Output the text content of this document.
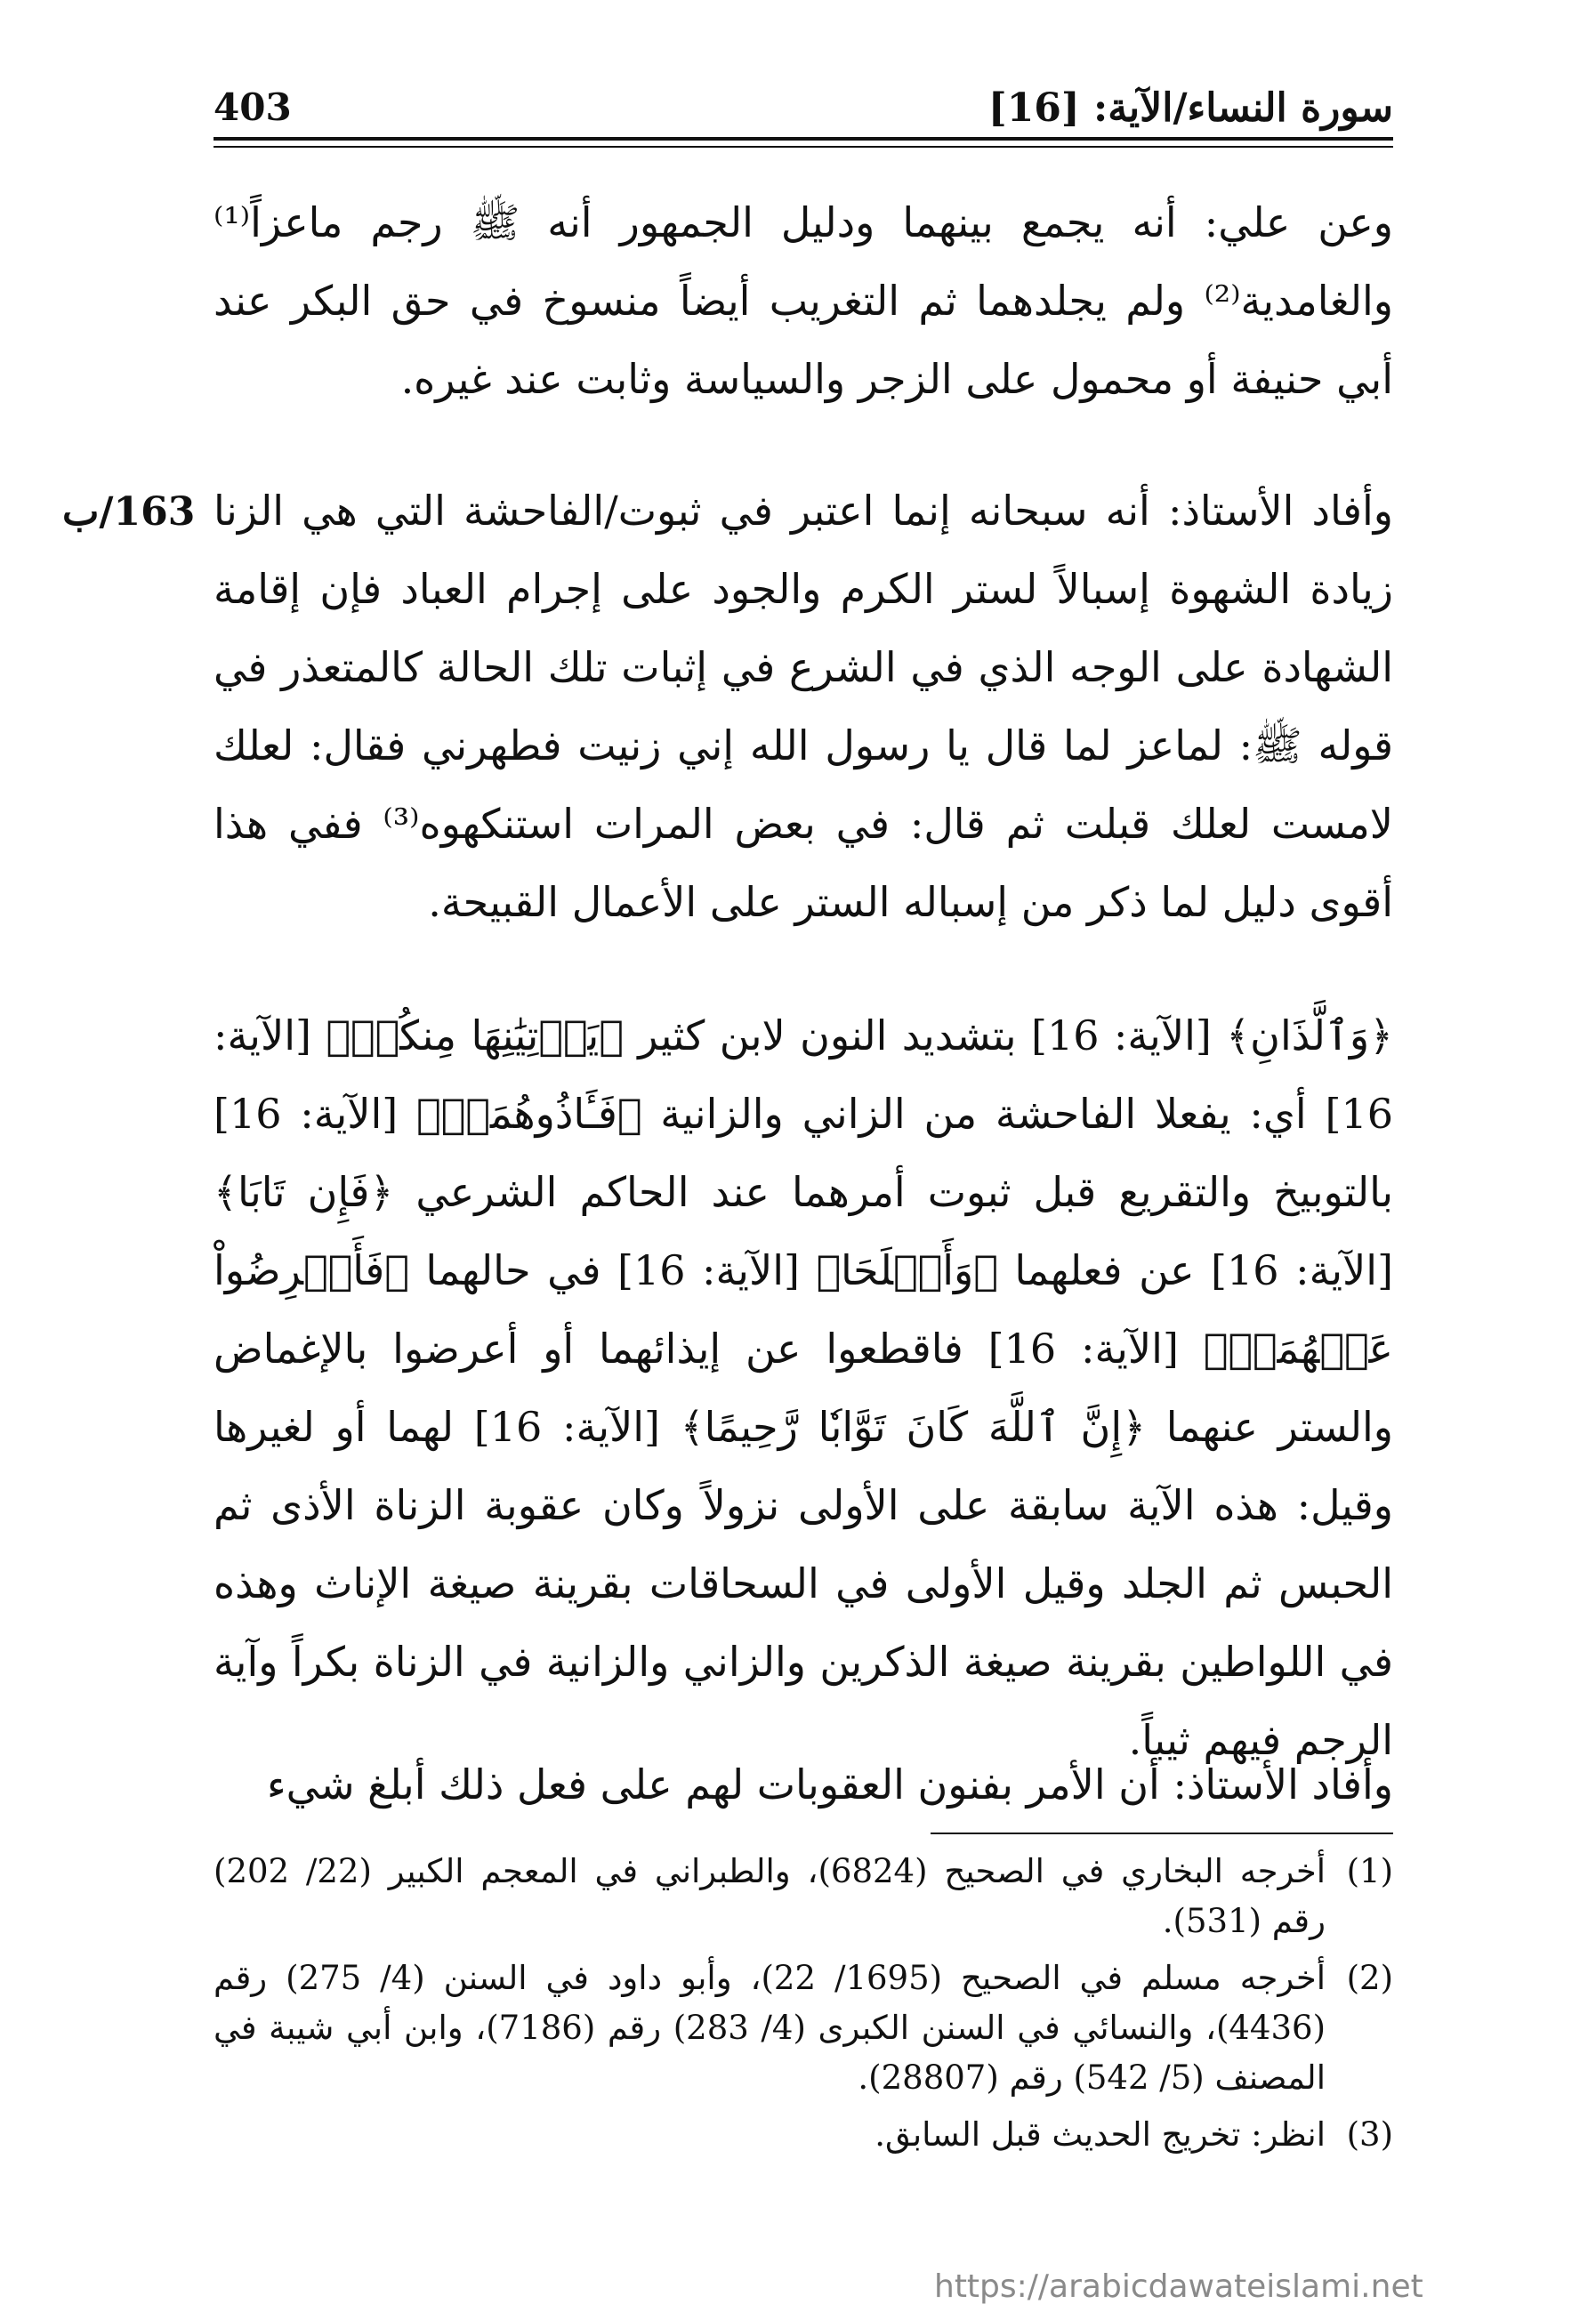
سورة النساء/الآية: [16]
403

وعن علي: أنه يجمع بينهما ودليل الجمهور أنه ﷺ رجم ماعزاً⁽¹⁾ والغامدية⁽²⁾ ولم يجلدهما ثم التغريب أيضاً منسوخ في حق البكر عند أبي حنيفة أو محمول على الزجر والسياسة وثابت عند غيره.

وأفاد الأستاذ: أنه سبحانه إنما اعتبر في ثبوت/الفاحشة التي هي الزنا زيادة الشهوة إسبالاً لستر الكرم والجود على إجرام العباد فإن إقامة الشهادة على الوجه الذي في الشرع في إثبات تلك الحالة كالمتعذر في قوله ﷺ: لماعز لما قال يا رسول الله إني زنيت فطهرني فقال: لعلك لامست لعلك قبلت ثم قال: في بعض المرات استنكهوه⁽³⁾ ففي هذا أقوى دليل لما ذكر من إسباله الستر على الأعمال القبيحة.

163/ب

﴿وَٱلَّذَانِ﴾ [الآية: 16] بتشديد النون لابن كثير ﴿يَأۡتِيَٰنِهَا مِنكُمۡ﴾ [الآية: 16] أي: يفعلا الفاحشة من الزاني والزانية ﴿فَـَٔاذُوهُمَاۖ﴾ [الآية: 16] بالتوبيخ والتقريع قبل ثبوت أمرهما عند الحاكم الشرعي ﴿فَإِن تَابَا﴾ [الآية: 16] عن فعلهما ﴿وَأَصۡلَحَا﴾ [الآية: 16] في حالهما ﴿فَأَعۡرِضُواْ عَنۡهُمَآۗ﴾ [الآية: 16] فاقطعوا عن إيذائهما أو أعرضوا بالإغماض والستر عنهما ﴿إِنَّ ٱللَّهَ كَانَ تَوَّابٗا رَّحِيمًا﴾ [الآية: 16] لهما أو لغيرها وقيل: هذه الآية سابقة على الأولى نزولاً وكان عقوبة الزناة الأذى ثم الحبس ثم الجلد وقيل الأولى في السحاقات بقرينة صيغة الإناث وهذه في اللواطين بقرينة صيغة الذكرين والزاني والزانية في الزناة بكراً وآية الرجم فيهم ثيباً.

وأفاد الأستاذ: أن الأمر بفنون العقوبات لهم على فعل ذلك أبلغ شيء

(1)
أخرجه البخاري في الصحيح (6824)، والطبراني في المعجم الكبير (22/ 202) رقم (531).
(2)
أخرجه مسلم في الصحيح (1695/ 22)، وأبو داود في السنن (4/ 275) رقم (4436)، والنسائي في السنن الكبرى (4/ 283) رقم (7186)، وابن أبي شيبة في المصنف (5/ 542) رقم (28807).
(3)
انظر: تخريج الحديث قبل السابق.
https://arabicdawateislami.net
